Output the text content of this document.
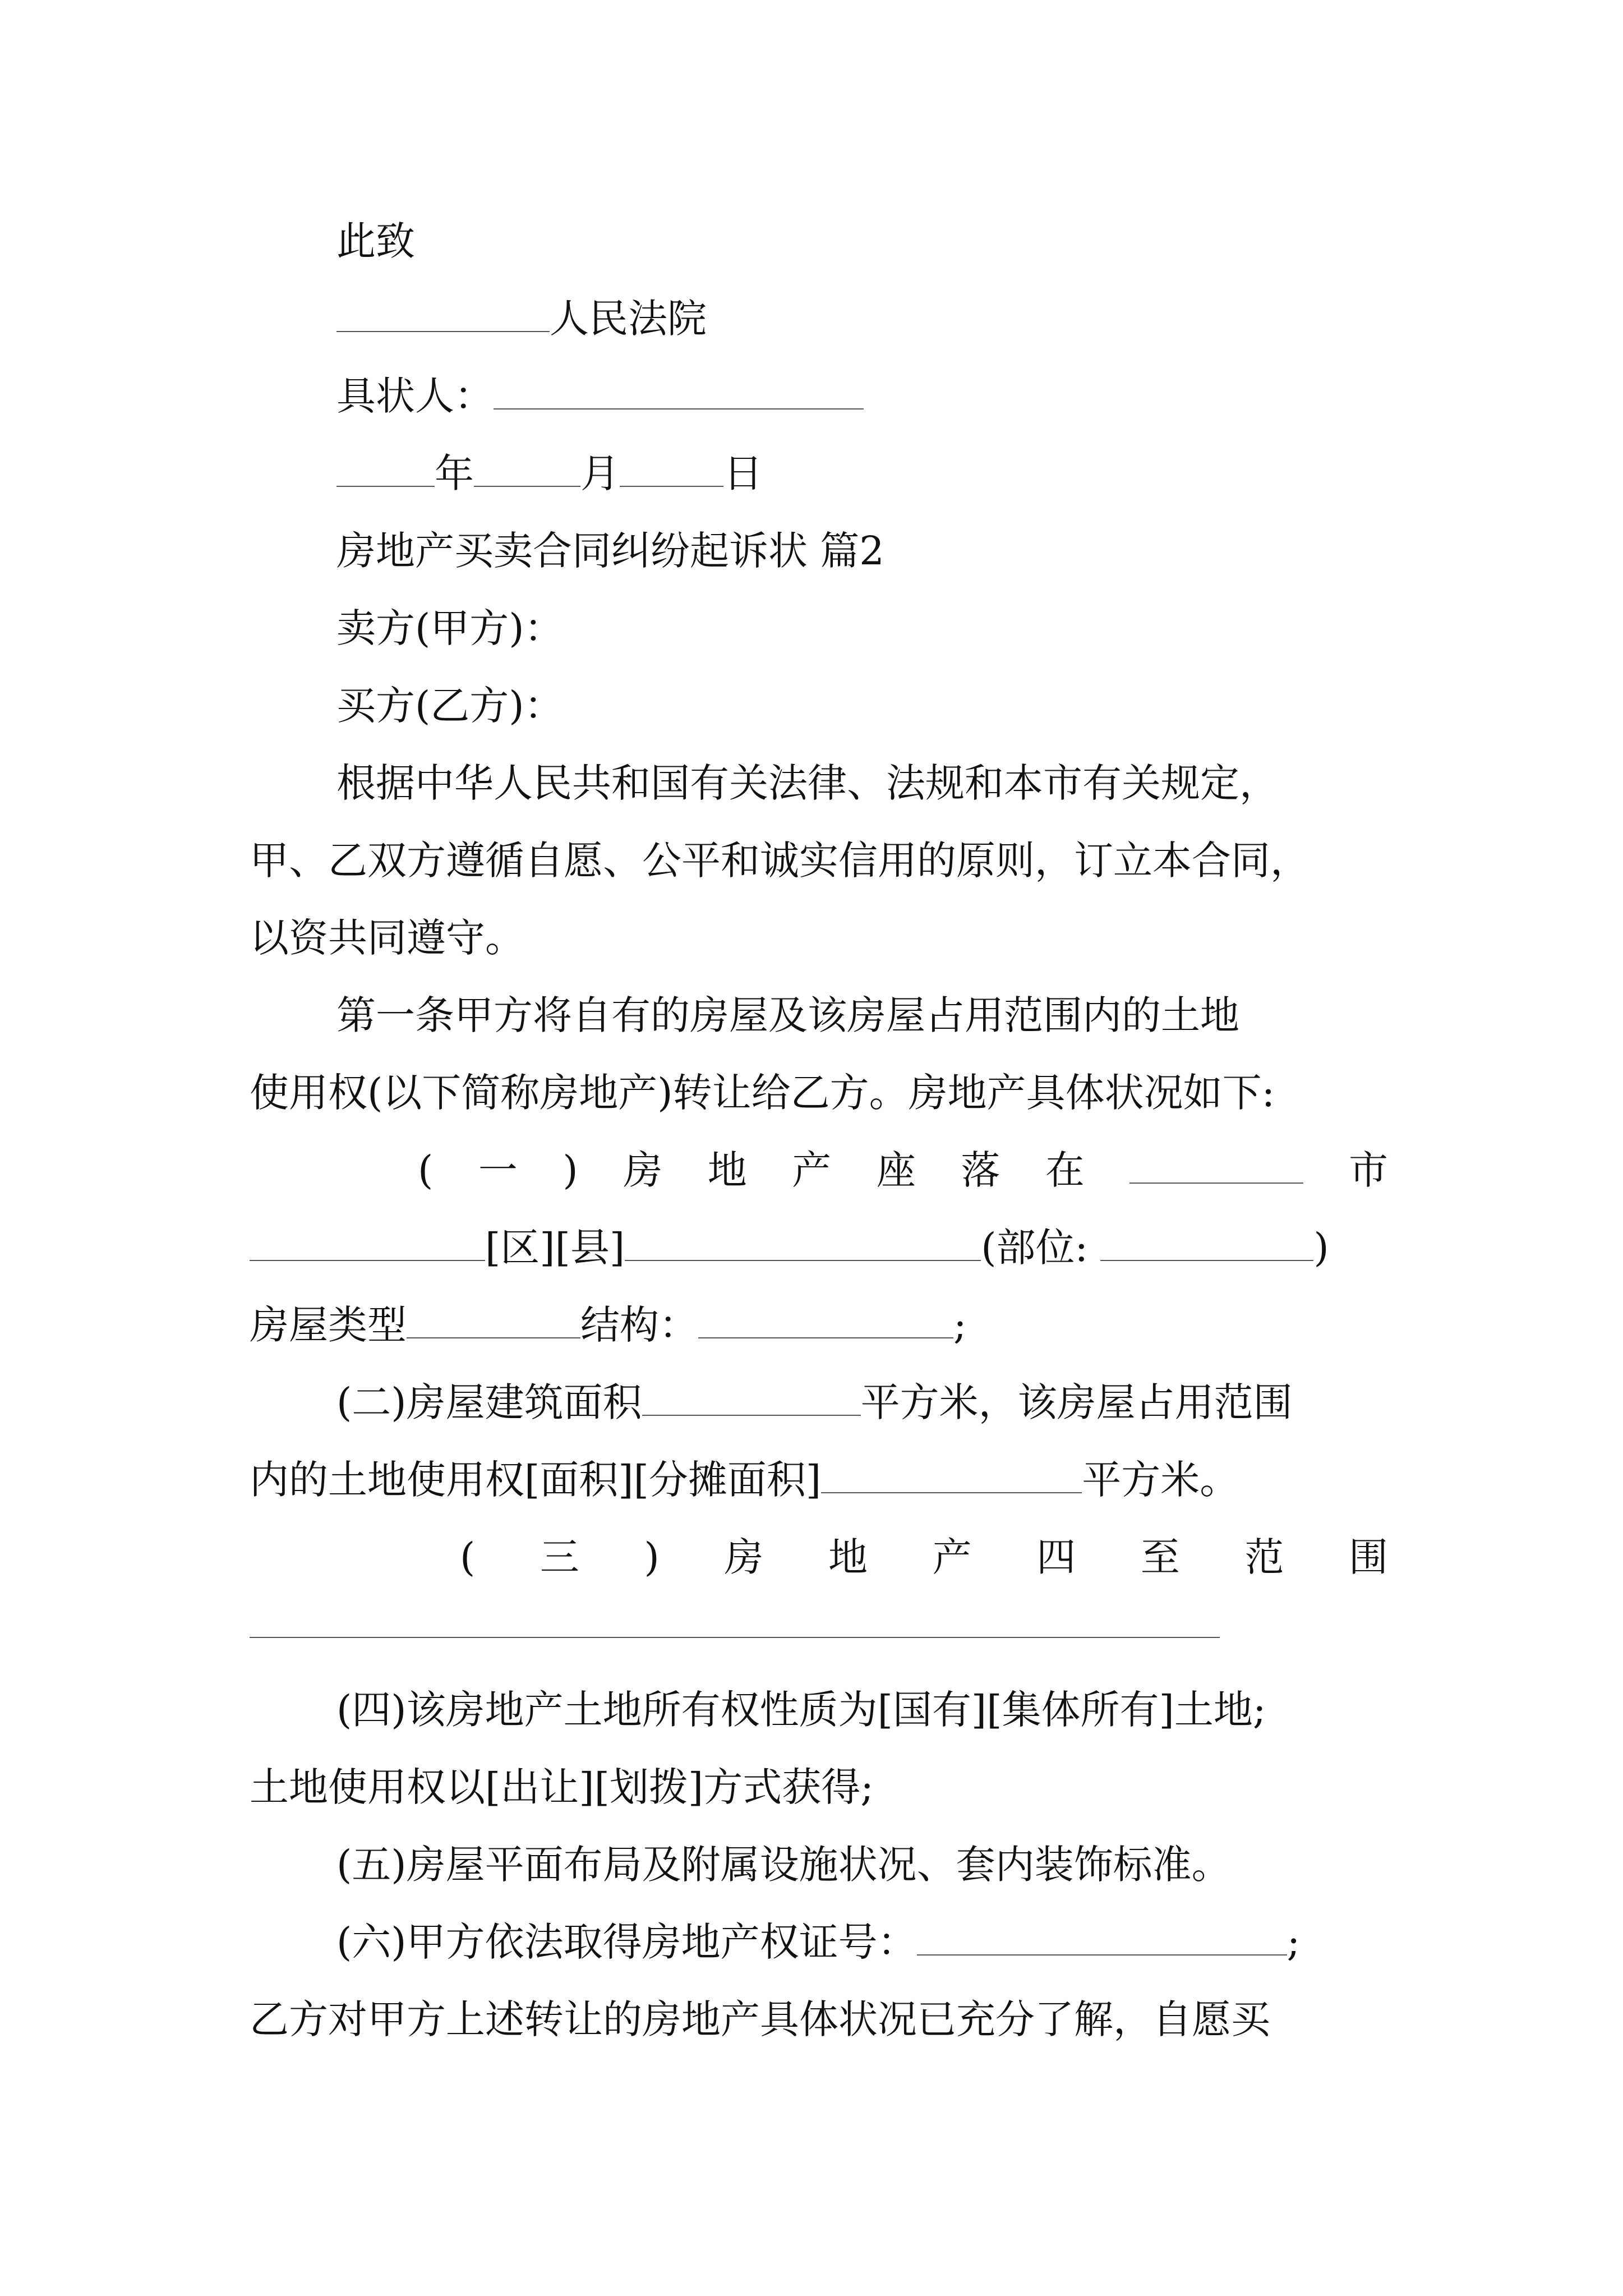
此致
人民法院
具状人：
年	月	日
房地产买卖合同纠纷起诉状 篇2
卖方(甲方)：
买方(乙方)：
根据中华人民共和国有关法律、法规和本市有关规定，
甲、乙双方遵循自愿、公平和诚实信用的原则，订立本合同，
以资共同遵守。
第一条甲方将自有的房屋及该房屋占用范围内的土地
使用权(以下简称房地产)转让给乙方。房地产具体状况如下:
( 一 ) 房 地 产 座 落 在	市
[区][县]	(部位:	)
房屋类型	结构：	;
(二)房屋建筑面积	平方米，该房屋占用范围
内的土地使用权[面积][分摊面积]	平方米。
( 三 ) 房 地 产 四 至 范 围
(四)该房地产土地所有权性质为[国有][集体所有]土地;
土地使用权以[出让][划拨]方式获得;
(五)房屋平面布局及附属设施状况、套内装饰标准。
(六)甲方依法取得房地产权证号：	;
乙方对甲方上述转让的房地产具体状况已充分了解，自愿买
